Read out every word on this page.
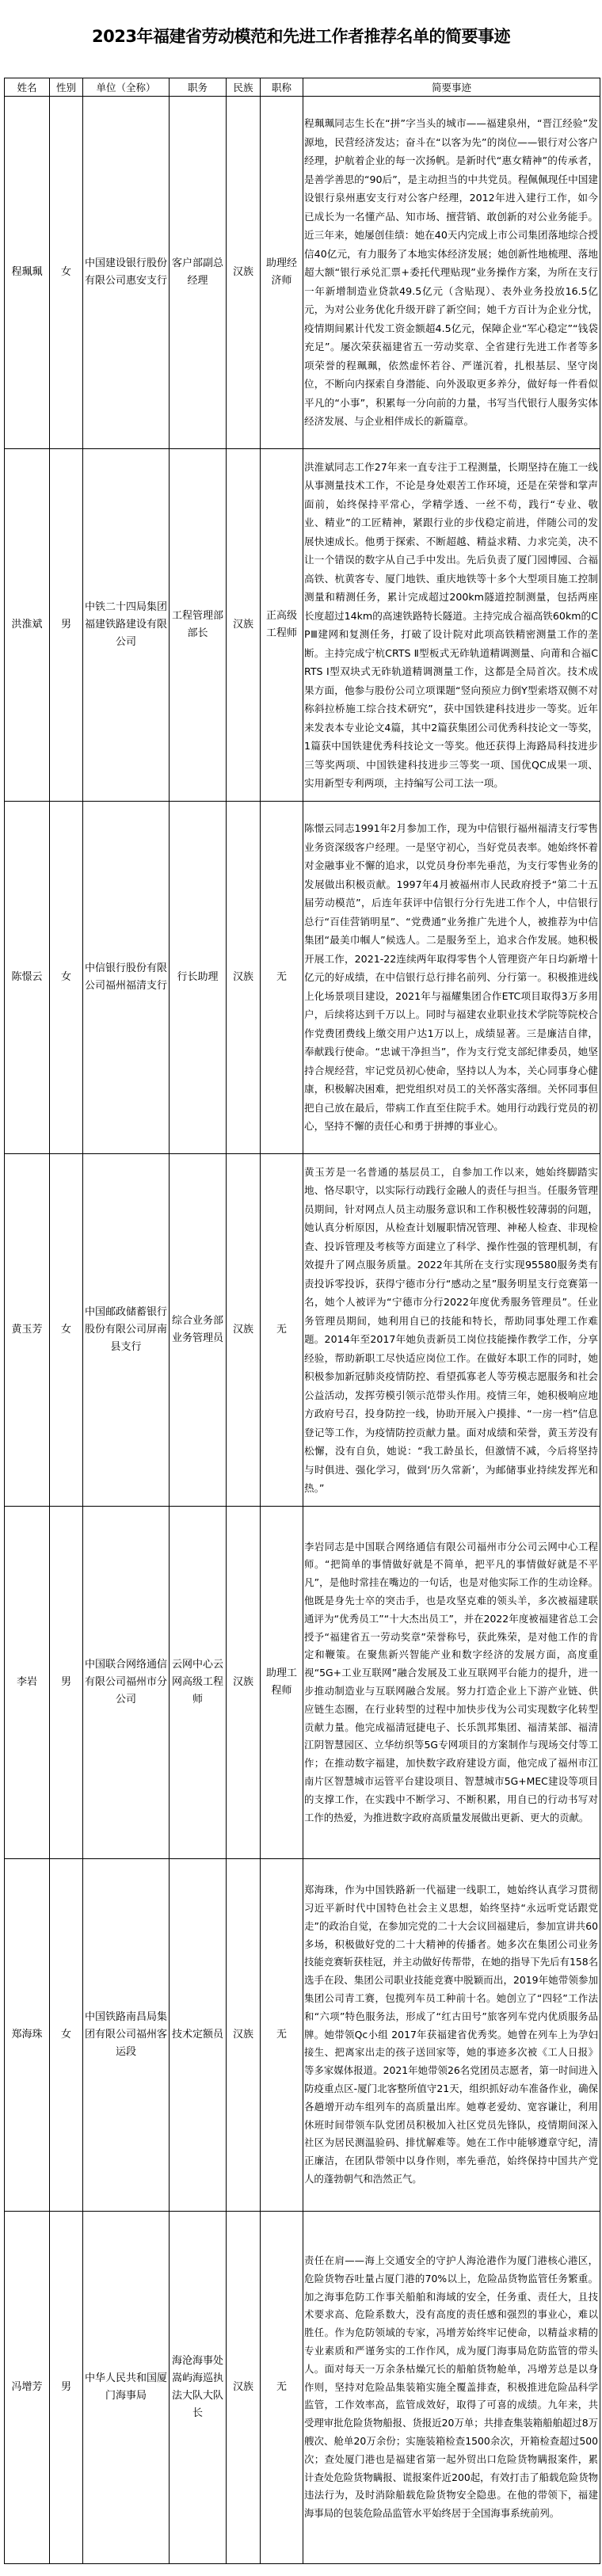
2023年福建省劳动模范和先进工作者推荐名单的简要事迹
姓名	性别	单位（全称）	职务	民族	职称	简要事迹

程珮珮	女	中国建设银行股份有限公司惠安支行	客户部副总经理	汉族	助理经济师	程珮珮同志生长在“拼”字当头的城市——福建泉州，“晋江经验”发源地，民营经济发达；奋斗在“以客为先”的岗位——银行对公客户经理，护航着企业的每一次扬帆。是新时代“惠女精神”的传承者，是善学善思的“90后”，是主动担当的中共党员。程佩佩现任中国建设银行泉州惠安支行对公客户经理，2012年进入建行工作，如今已成长为一名懂产品、知市场、擅营销、敢创新的对公业务能手。近三年来，她屡创佳绩：她在40天内完成上市公司集团落地综合授信40亿元，有力服务了本地实体经济发展；她创新性地梳理、落地超大额“银行承兑汇票+委托代理贴现”业务操作方案，为所在支行一年新增制造业贷款49.5亿元（含贴现）、表外业务投放16.5亿元，为对公业务优化升级开辟了新空间；她千方百计为企业分忧，疫情期间累计代发工资金额超4.5亿元，保障企业“军心稳定”“钱袋充足”。屡次荣获福建省五一劳动奖章、全省建行先进工作者等多项荣誉的程珮珮，依然虚怀若谷、严谨沉着，扎根基层、坚守岗位，不断向内探索自身潜能、向外汲取更多养分，做好每一件看似平凡的“小事”，积累每一分向前的力量，书写当代银行人服务实体经济发展、与企业相伴成长的新篇章。

洪淮斌	男	中铁二十四局集团福建铁路建设有限公司	工程管理部部长	汉族	正高级工程师	洪淮斌同志工作27年来一直专注于工程测量，长期坚持在施工一线从事测量技术工作，不论是身处艰苦工作环境，还是在荣誉和掌声面前，始终保持平常心，学精学透、一丝不苟，践行“专业、敬业、精业”的工匠精神，紧跟行业的步伐稳定前进，伴随公司的发展快速成长。他勇于探索、不断超越、精益求精、力求完美，决不让一个错误的数字从自己手中发出。先后负责了厦门园博园、合福高铁、杭黄客专、厦门地铁、重庆地铁等十多个大型项目施工控制测量和精测任务，累计完成超过200km隧道控制测量，包括两座长度超过14km的高速铁路特长隧道。主持完成合福高铁60km的CPⅢ建网和复测任务，打破了设计院对此项高铁精密测量工作的垄断。主持完成宁杭CRTS Ⅱ型板式无砟轨道精调测量、向莆和合福CRTS Ⅰ型双块式无砟轨道精调测量工作，这都是全局首次。技术成果方面，他参与股份公司立项课题“竖向预应力倒Y型索塔双侧不对称斜拉桥施工综合技术研究”，获中国铁建科技进步一等奖。近年来发表本专业论文4篇，其中2篇获集团公司优秀科技论文一等奖，1篇获中国铁建优秀科技论文一等奖。他还获得上海路局科技进步三等奖两项、中国铁建科技进步三等奖一项、国优QC成果一项、实用新型专利两项，主持编写公司工法一项。

陈憬云	女	中信银行股份有限公司福州福清支行	行长助理	汉族	无	陈憬云同志1991年2月参加工作，现为中信银行福州福清支行零售业务资深级客户经理。一是坚守初心，当好党员表率。她始终怀着对金融事业不懈的追求，以党员身份率先垂范，为支行零售业务的发展做出积极贡献。1997年4月被福州市人民政府授予“第二十五届劳动模范”，后连年获评中信银行分行先进工作个人，中信银行总行“百佳营销明星”、“党费通”业务推广先进个人，被推荐为中信集团“最美巾帼人”候选人。二是服务至上，追求合作发展。她积极开展工作，2021-22连续两年取得零售个人管理资产年日均新增十亿元的好成绩，在中信银行总行排名前列、分行第一。积极推进线上化场景项目建设，2021年与福耀集团合作ETC项目取得3万多用户，后续将达到千万以上。同时与福建农业职业技术学院等院校合作党费团费线上缴交用户达1万以上，成绩显著。三是廉洁自律，奉献践行使命。“忠诚干净担当”，作为支行党支部纪律委员，她坚持合规经营，牢记党员初心使命，坚持以人为本，关心同事身心健康，积极解决困难，把党组织对员工的关怀落实落细。关怀同事但把自己放在最后，带病工作直至住院手术。她用行动践行党员的初心，坚持不懈的责任心和勇于拼搏的事业心。

黄玉芳	女	中国邮政储蓄银行股份有限公司屏南县支行	综合业务部业务管理员	汉族	无	黄玉芳是一名普通的基层员工，自参加工作以来，她始终脚踏实地、恪尽职守，以实际行动践行金融人的责任与担当。任服务管理员期间，针对网点人员主动服务意识和工作积极性较薄弱的问题，她认真分析原因，从检查计划履职情况管理、神秘人检查、非现检查、投诉管理及考核等方面建立了科学、操作性强的管理机制，有效提升了网点服务质量。2022年其所在支行实现95580服务类有责投诉零投诉，获得宁德市分行“感动之星”服务明星支行竞赛第一名，她个人被评为“宁德市分行2022年度优秀服务管理员”。任业务管理员期间，她利用自已的技能和特长，帮助同事处理工作难题。2014年至2017年她负责新员工岗位技能操作教学工作，分享经验，帮助新职工尽快适应岗位工作。在做好本职工作的同时，她积极参加新冠肺炎疫情防控、看望孤寡老人等劳模志愿服务和社会公益活动，发挥劳模引领示范带头作用。疫情三年，她积极响应地方政府号召，投身防控一线，协助开展入户摸排、“一房一档”信息登记等工作，为疫情防控贡献力量。面对成绩和荣誉，黄玉芳没有松懈，没有自负，她说：“我工龄虽长，但激情不减，今后将坚持与时俱进、强化学习，做到‘历久常新’，为邮储事业持续发挥光和热。”

李岩	男	中国联合网络通信有限公司福州市分公司	云网中心云网高级工程师	汉族	助理工程师	李岩同志是中国联合网络通信有限公司福州市分公司云网中心工程师。“把简单的事情做好就是不简单，把平凡的事情做好就是不平凡”，是他时常挂在嘴边的一句话，也是对他实际工作的生动诠释。他既是身先士卒的突击手，也是攻坚克难的领头羊，多次被福建联通评为“优秀员工”“十大杰出员工”，并在2022年度被福建省总工会授予“福建省五一劳动奖章”荣誉称号，获此殊荣，是对他工作的肯定和鞭策。在聚焦新兴智能产业和数字经济的发展方面，高度重视“5G+工业互联网”融合发展及工业互联网平台能力的提升，进一步推动制造业与互联网融合发展。努力打造企业上下游产业链、供应链生态圈，在行业转型的过程中加快步伐为公司实现数字化转型贡献力量。他完成福清冠捷电子、长乐凯邦集团、福清某部、福清江阴智慧园区、立华纺织等5G专网项目的方案制作与现场交付等工作；在推动数字福建，加快数字政府建设方面，他完成了福州市江南片区智慧城市运管平台建设项目、智慧城市5G+MEC建设等项目的支撑工作，在实践中不断学习、不断积累，用自已的行动书写对工作的热爱，为推进数字政府高质量发展做出更新、更大的贡献。

郑海珠	女	中国铁路南昌局集团有限公司福州客运段	技术定额员	汉族	无	郑海珠，作为中国铁路新一代福建一线职工，她始终认真学习贯彻习近平新时代中国特色社会主义思想，始终坚持“永远听党话跟党走”的政治自觉，在参加完党的二十大会议回福建后，参加宣讲共60多场，积极做好党的二十大精神的传播者。她多次在集团公司业务技能竞赛斩获桂冠，并主动做好传帮带，在她的指导下先后有158名选手在段、集团公司职业技能竞赛中脱颖而出，2019年她带领参加集团公司青工赛，包揽列车员工种前十名。她创立了“四轻”工作法和“六项”特色服务法，形成了“红古田号”旅客列车党内优质服务品牌。她带领Qc小组 2017年获福建省优秀奖。她曾在列车上为孕妇接生、把离家出走的孩子送回家等，她的事迹多次被《工人日报》等多家媒体报道。2021年她带领26名党团员志愿者，第一时间进入防疫重点区-厦门北客整所值守21天，组织抓好动车准备作业，确保各趟增开动车组列车的高质量出库。她尊老爱幼、宽容谦让，利用休班时间带领车队党团员积极加入社区党员先锋队，疫情期间深入社区为居民测温验码、排忧解难等。她在工作中能够遵章守纪，清正廉洁，在团队带领中以身作则，率先垂范，始终保持中国共产党人的蓬勃朝气和浩然正气。

冯增芳	男	中华人民共和国厦门海事局	海沧海事处嵩屿海巡执法大队大队长	汉族	无	责任在肩——海上交通安全的守护人海沧港作为厦门港核心港区，危险货物吞吐量占厦门港的70%以上，危险品货物监管任务繁重。加之海事危防工作事关船舶和海域的安全，任务重、责任大，且技术要求高、危险系数大，没有高度的责任感和强烈的事业心，难以胜任。作为危防领域的专家，冯增芳始终牢记使命，以精益求精的专业素质和严谨务实的工作作风，成为厦门海事局危防监管的带头人。面对每天一万余条枯燥冗长的船舶货物舱单，冯增芳总是以身作则，坚持对危险品集装箱实施全覆盖排查，积极推进危险品科学监管，工作效率高，监管成效好，取得了可喜的成绩。九年来，共受理审批危险货物船报、货报近20万单；共排查集装箱船舶超过8万艘次、舱单20万余份；实施装箱检查1500余次，开箱检查超过500次；查处厦门港也是福建省第一起外贸出口危险货物瞒报案件，累计查处危险货物瞒报、谎报案件近200起，有效打击了船载危险货物违法行为，及时消除船载危险货物安全隐患。在他的带领下，福建海事局的包装危险品监管水平始终居于全国海事系统前列。
